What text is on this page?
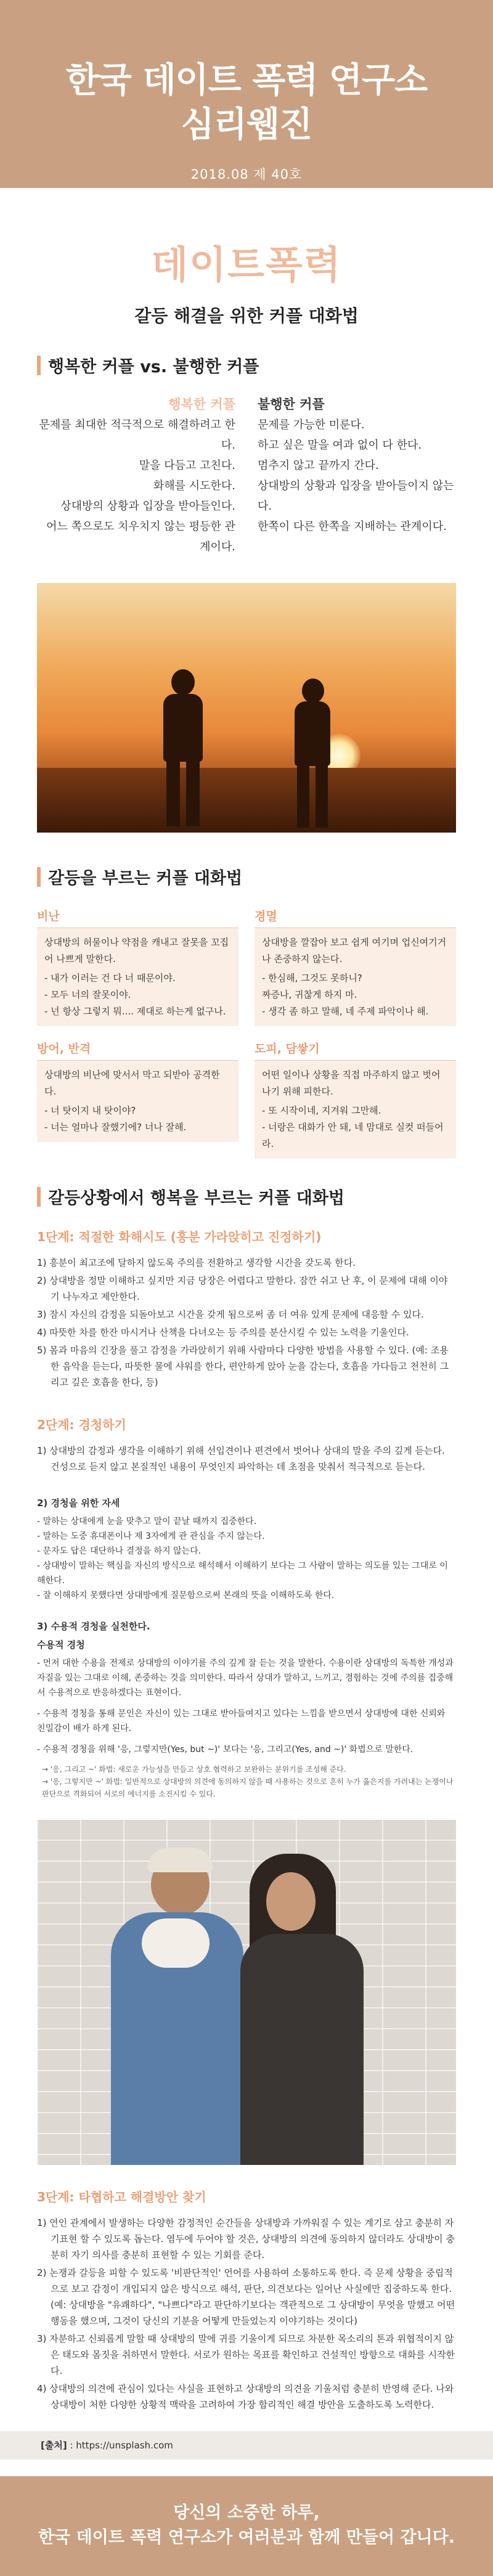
한국 데이트 폭력 연구소
심리웹진
2018.08 제 40호
데이트폭력
갈등 해결을 위한 커플 대화법
행복한 커플 vs. 불행한 커플
행복한 커플
문제를 최대한 적극적으로 해결하려고 한다.
말을 다듬고 고친다.
화해를 시도한다.
상대방의 상황과 입장을 받아들인다.
어느 쪽으로도 치우치지 않는 평등한 관계이다.
불행한 커플
문제를 가능한 미룬다.
하고 싶은 말을 여과 없이 다 한다.
멈추지 않고 끝까지 간다.
상대방의 상황과 입장을 받아들이지 않는다.
한쪽이 다른 한쪽을 지배하는 관계이다.
갈등을 부르는 커플 대화법
비난
상대방의 허물이나 약점을 캐내고 잘못을 꼬집어 나쁘게 말한다.
- 내가 이러는 건 다 너 때문이야.
- 모두 너의 잘못이야.
- 넌 항상 그렇지 뭐.... 제대로 하는게 없구나.
경멸
상대방을 깔잡아 보고 쉽게 여기며 업신여기거나 존중하지 않는다.
- 한심해, 그것도 못하니?
짜증나, 귀찮게 하지 마.
- 생각 좀 하고 말해, 네 주제 파악이나 해.
방어, 반격
상대방의 비난에 맞서서 막고 되받아 공격한다.
- 너 탓이지 내 탓이야?
- 너는 얼마나 잘했기에? 너나 잘해.
도피, 담쌓기
어떤 일이나 상황을 직접 마주하지 않고 벗어나기 위해 피한다.
- 또 시작이네, 지겨워 그만해.
- 너랑은 대화가 안 돼, 네 맘대로 실컷 떠들어라.
갈등상황에서 행복을 부르는 커플 대화법
1단계: 적절한 화해시도 (흥분 가라앉히고 진정하기)
1) 흥분이 최고조에 달하지 않도록 주의를 전환하고 생각할 시간을 갖도록 한다.
2) 상대방을 정말 이해하고 싶지만 지금 당장은 어렵다고 말한다. 잠깐 쉬고 난 후, 이 문제에 대해 이야기 나누자고 제안한다.
3) 잠시 자신의 감정을 되돌아보고 시간을 갖게 됨으로써 좀 더 여유 있게 문제에 대응할 수 있다.
4) 따뜻한 차를 한잔 마시거나 산책을 다녀오는 등 주의를 분산시킬 수 있는 노력을 기울인다.
5) 몸과 마음의 긴장을 풀고 감정을 가라앉히기 위해 사람마다 다양한 방법을 사용할 수 있다. (예: 조용한 음악을 듣는다, 따뜻한 물에 샤워를 한다, 편안하게 앉아 눈을 감는다, 호흡을 가다듬고 천천히 그리고 깊은 호흡을 한다, 등)
2단계: 경청하기
1) 상대방의 감정과 생각을 이해하기 위해 선입견이나 편견에서 벗어나 상대의 말을 주의 깊게 듣는다. 건성으로 듣지 않고 본질적인 내용이 무엇인지 파악하는 데 초점을 맞춰서 적극적으로 듣는다.
2) 경청을 위한 자세
- 말하는 상대에게 눈을 맞추고 말이 끝날 때까지 집중한다.
- 말하는 도중 휴대폰이나 제 3자에게 관 관심을 주지 않는다.
- 문자도 답은 대단하나 결정을 하지 않는다.
- 상대방이 말하는 핵심을 자신의 방식으로 해석해서 이해하기 보다는 그 사람이 말하는 의도를 있는 그대로 이해한다.
- 잘 이해하지 못했다면 상대방에게 질문함으로써 본래의 뜻을 이해하도록 한다.
3) 수용적 경청을 실천한다.
수용적 경청
- 먼저 대한 수용을 전제로 상대방의 이야기를 주의 깊게 잘 듣는 것을 말한다. 수용이란 상대방의 독특한 개성과 자질을 있는 그대로 이해, 존중하는 것을 의미한다. 따라서 상대가 말하고, 느끼고, 경험하는 것에 주의를 집중해서 수용적으로 반응하겠다는 표현이다.
- 수용적 경청을 통해 문인은 자신이 있는 그대로 받아들여지고 있다는 느낌을 받으면서 상대방에 대한 신뢰와 친밀감이 배가 하게 된다.
- 수용적 경청을 위해 '응, 그렇지만(Yes, but ~)' 보다는 '응, 그리고(Yes, and ~)' 화법으로 말한다.
→ '응, 그리고 ~' 화법: 새로운 가능성을 만들고 상호 협력하고 보완하는 분위기를 조성해 준다.
→ '응, 그렇지만 ~' 화법: 일반적으로 상대방의 의견에 동의하지 않을 때 사용하는 것으로 흔히 누가 옳은지를 가려내는 논쟁이나 판단으로 격화되어 서로의 에너지를 소진시킬 수 있다.
3단계: 타협하고 해결방안 찾기
1) 연인 관계에서 발생하는 다양한 감정적인 순간들을 상대방과 가까워질 수 있는 계기로 삼고 충분히 자기표현 할 수 있도록 돕는다. 염두에 두어야 할 것은, 상대방의 의견에 동의하지 않더라도 상대방이 충분히 자기 의사를 충분히 표현할 수 있는 기회를 준다.
2) 논쟁과 갈등을 피할 수 있도록 '비판단적인' 언어를 사용하여 소통하도록 한다. 즉 문제 상황을 중립적으로 보고 감정이 개입되지 않은 방식으로 해석, 판단, 의견보다는 일어난 사실에만 집중하도록 한다. (예: 상대방을 "유쾌하다", "나쁘다"라고 판단하기보다는 객관적으로 그 상대방이 무엇을 말했고 어떤 행동을 했으며, 그것이 당신의 기분을 어떻게 만들었는지 이야기하는 것이다)
3) 자분하고 신뢰롭게 말할 때 상대방의 말에 귀를 기울이게 되므로 차분한 목소리의 톤과 위협적이지 않은 태도와 몸짓을 취하면서 말한다. 서로가 원하는 목표를 확인하고 건설적인 방향으로 대화를 시작한다.
4) 상대방의 의견에 관심이 있다는 사실을 표현하고 상대방의 의견을 기울처럼 충분히 반영해 준다. 나와 상대방이 처한 다양한 상황적 맥락을 고려하여 가장 합리적인 해결 방안을 도출하도록 노력한다.
[출처] : https://unsplash.com
당신의 소중한 하루,
한국 데이트 폭력 연구소가 여러분과 함께 만들어 갑니다.
